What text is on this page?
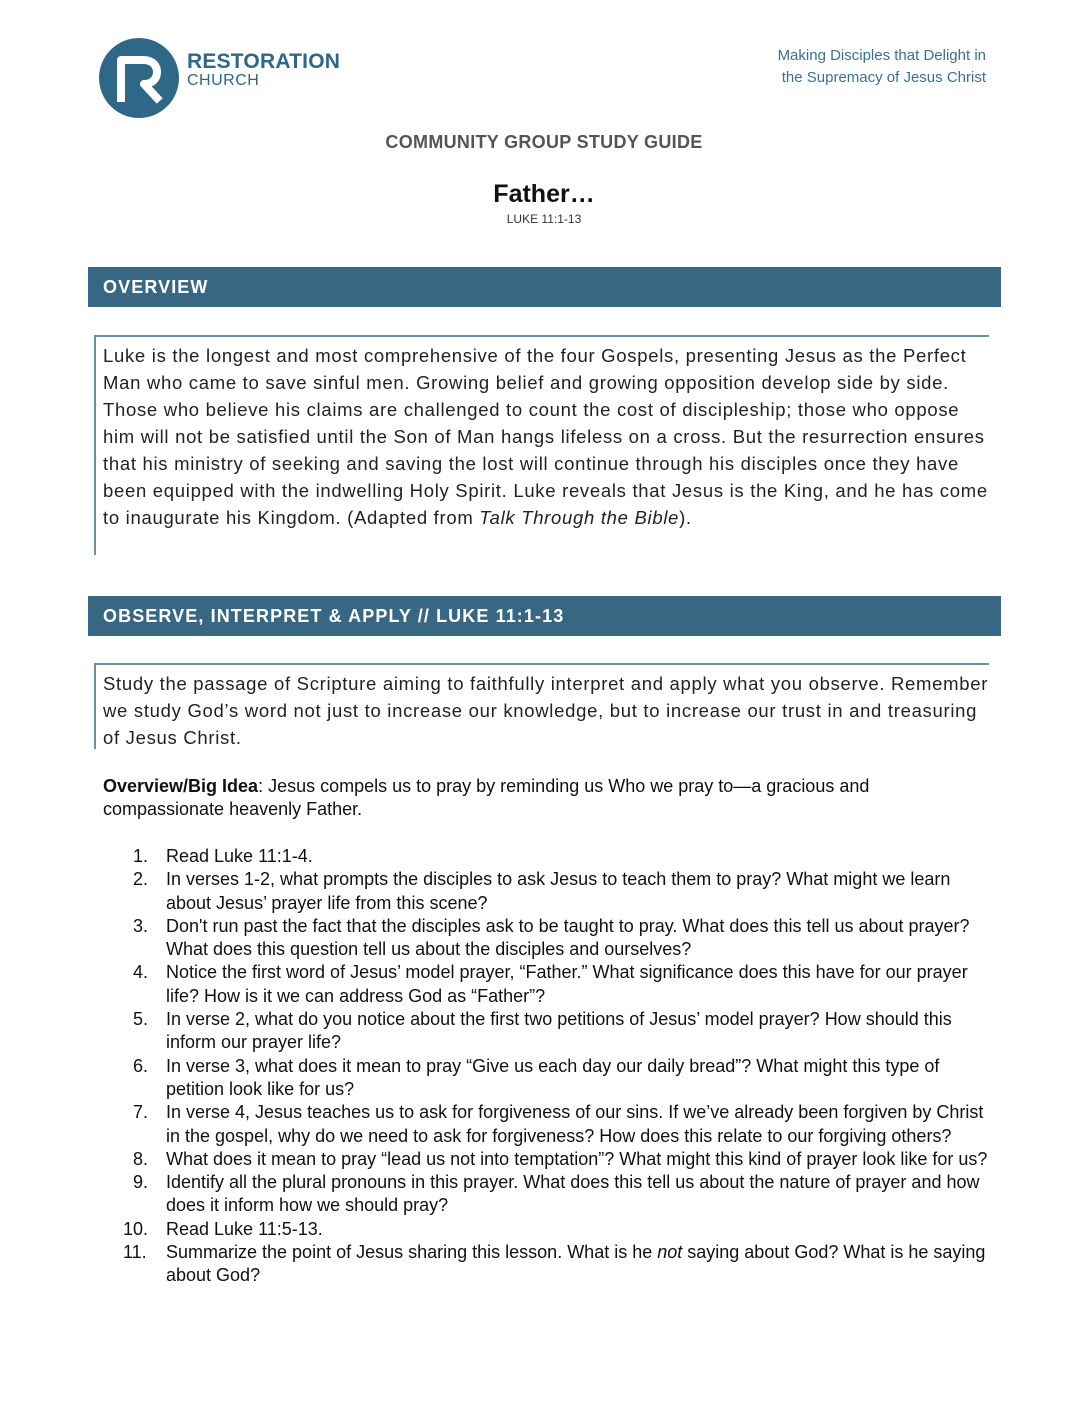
RESTORATION
CHURCH
Making Disciples that Delight in
the Supremacy of Jesus Christ
COMMUNITY GROUP STUDY GUIDE
Father…
LUKE 11:1-13
OVERVIEW

Luke is the longest and most comprehensive of the four Gospels, presenting Jesus as the Perfect Man who came to save sinful men. Growing belief and growing opposition develop side by side. Those who believe his claims are challenged to count the cost of discipleship; those who oppose him will not be satisfied until the Son of Man hangs lifeless on a cross. But the resurrection ensures that his ministry of seeking and saving the lost will continue through his disciples once they have been equipped with the indwelling Holy Spirit. Luke reveals that Jesus is the King, and he has come to inaugurate his Kingdom. (Adapted from Talk Through the Bible).

OBSERVE, INTERPRET & APPLY // LUKE 11:1-13

Study the passage of Scripture aiming to faithfully interpret and apply what you observe. Remember we study God’s word not just to increase our knowledge, but to increase our trust in and treasuring of Jesus Christ.

Overview/Big Idea: Jesus compels us to pray by reminding us Who we pray to—a gracious and compassionate heavenly Father.
1. Read Luke 11:1-4.
2. In verses 1-2, what prompts the disciples to ask Jesus to teach them to pray? What might we learn about Jesus’ prayer life from this scene?
3. Don't run past the fact that the disciples ask to be taught to pray. What does this tell us about prayer? What does this question tell us about the disciples and ourselves?
4. Notice the first word of Jesus’ model prayer, “Father.” What significance does this have for our prayer life? How is it we can address God as “Father”?
5. In verse 2, what do you notice about the first two petitions of Jesus’ model prayer? How should this inform our prayer life?
6. In verse 3, what does it mean to pray “Give us each day our daily bread”? What might this type of petition look like for us?
7. In verse 4, Jesus teaches us to ask for forgiveness of our sins. If we’ve already been forgiven by Christ in the gospel, why do we need to ask for forgiveness? How does this relate to our forgiving others?
8. What does it mean to pray “lead us not into temptation”? What might this kind of prayer look like for us?
9. Identify all the plural pronouns in this prayer. What does this tell us about the nature of prayer and how does it inform how we should pray?
10. Read Luke 11:5-13.
11. Summarize the point of Jesus sharing this lesson. What is he not saying about God? What is he saying about God?
